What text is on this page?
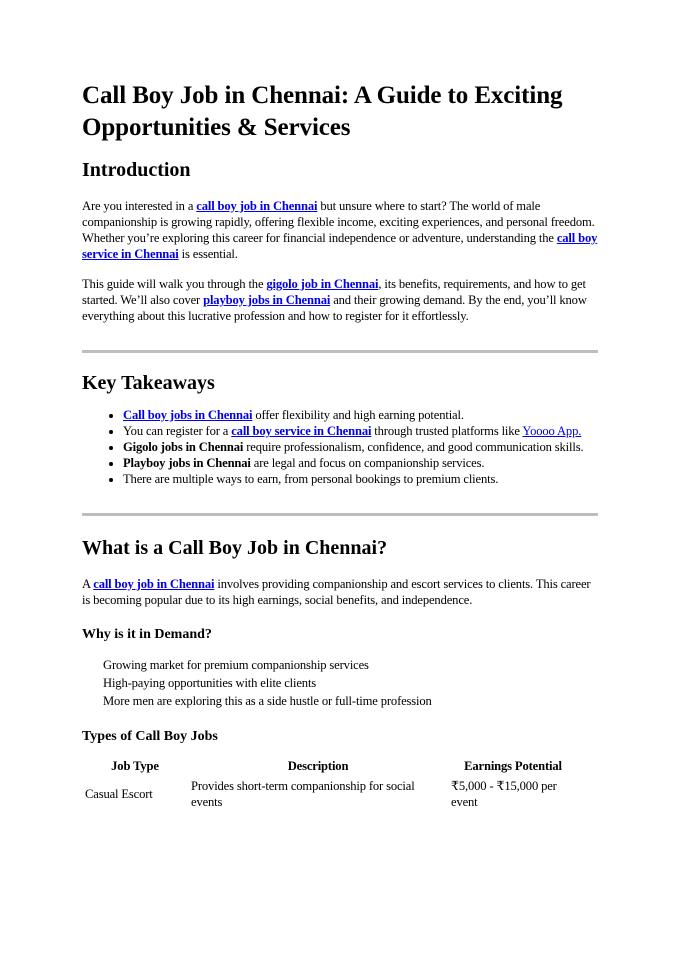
Call Boy Job in Chennai: A Guide to Exciting Opportunities & Services
Introduction

Are you interested in a call boy job in Chennai but unsure where to start? The world of male companionship is growing rapidly, offering flexible income, exciting experiences, and personal freedom. Whether you’re exploring this career for financial independence or adventure, understanding the call boy service in Chennai is essential.

This guide will walk you through the gigolo job in Chennai, its benefits, requirements, and how to get started. We’ll also cover playboy jobs in Chennai and their growing demand. By the end, you’ll know everything about this lucrative profession and how to register for it effortlessly.

Key Takeaways
• Call boy jobs in Chennai offer flexibility and high earning potential.
• You can register for a call boy service in Chennai through trusted platforms like Yoooo App.
• Gigolo jobs in Chennai require professionalism, confidence, and good communication skills.
• Playboy jobs in Chennai are legal and focus on companionship services.
• There are multiple ways to earn, from personal bookings to premium clients.
What is a Call Boy Job in Chennai?

A call boy job in Chennai involves providing companionship and escort services to clients. This career is becoming popular due to its high earnings, social benefits, and independence.

Why is it in Demand?
Growing market for premium companionship services
High-paying opportunities with elite clients
More men are exploring this as a side hustle or full-time profession
Types of Call Boy Jobs
Job Type	Description	Earnings Potential
Casual Escort	Provides short-term companionship for social events	₹5,000 - ₹15,000 per event
